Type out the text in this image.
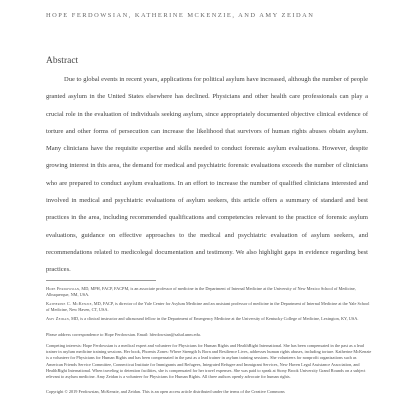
HOPE FERDOWSIAN, KATHERINE MCKENZIE, AND AMY ZEIDAN
Abstract

Due to global events in recent years, applications for political asylum have increased, although the number of people granted asylum in the United States elsewhere has declined. Physicians and other health care professionals can play a crucial role in the evaluation of individuals seeking asylum, since appropriately documented objective clinical evidence of torture and other forms of persecution can increase the likelihood that survivors of human rights abuses obtain asylum. Many clinicians have the requisite expertise and skills needed to conduct forensic asylum evaluations. However, despite growing interest in this area, the demand for medical and psychiatric forensic evaluations exceeds the number of clinicians who are prepared to conduct asylum evaluations. In an effort to increase the number of qualified clinicians interested and involved in medical and psychiatric evaluations of asylum seekers, this article offers a summary of standard and best practices in the area, including recommended qualifications and competencies relevant to the practice of forensic asylum evaluations, guidance on effective approaches to the medical and psychiatric evaluation of asylum seekers, and recommendations related to medicolegal documentation and testimony. We also highlight gaps in evidence regarding best practices.

Hope Ferdowsian, MD, MPH, FACP, FACPM, is an associate professor of medicine in the Department of Internal Medicine at the University of New Mexico School of Medicine, Albuquerque, NM, USA.

Katherine C. McKenzie, MD, FACP, is director of the Yale Center for Asylum Medicine and an assistant professor of medicine in the Department of Internal Medicine at the Yale School of Medicine, New Haven, CT, USA.

Amy Zeidan, MD, is a clinical instructor and ultrasound fellow in the Department of Emergency Medicine at the University of Kentucky College of Medicine, Lexington, KY, USA.

Please address correspondence to Hope Ferdowsian. Email: hferdowsian@salud.unm.edu.

Competing interests: Hope Ferdowsian is a medical expert and volunteer for Physicians for Human Rights and HealthRight International. She has been compensated in the past as a lead trainer in asylum medicine training sessions. Her book, Phoenix Zones: Where Strength Is Born and Resilience Lives, addresses human rights abuses, including torture. Katherine McKenzie is a volunteer for Physicians for Human Rights and has been compensated in the past as a lead trainer in asylum training sessions. She volunteers for nonprofit organizations such as American Friends Service Committee, Connecticut Institute for Immigrants and Refugees, Integrated Refugee and Immigrant Services, New Haven Legal Assistance Association, and HealthRight International. When traveling to detention facilities, she is compensated for her travel expenses. She was paid to speak at Stony Brook University Grand Rounds on a subject relevant to asylum medicine. Amy Zeidan is a volunteer for Physicians for Human Rights. All three authors openly advocate for human rights.

Copyright © 2019 Ferdowsian, McKenzie, and Zeidan. This is an open access article distributed under the terms of the Creative Commons
